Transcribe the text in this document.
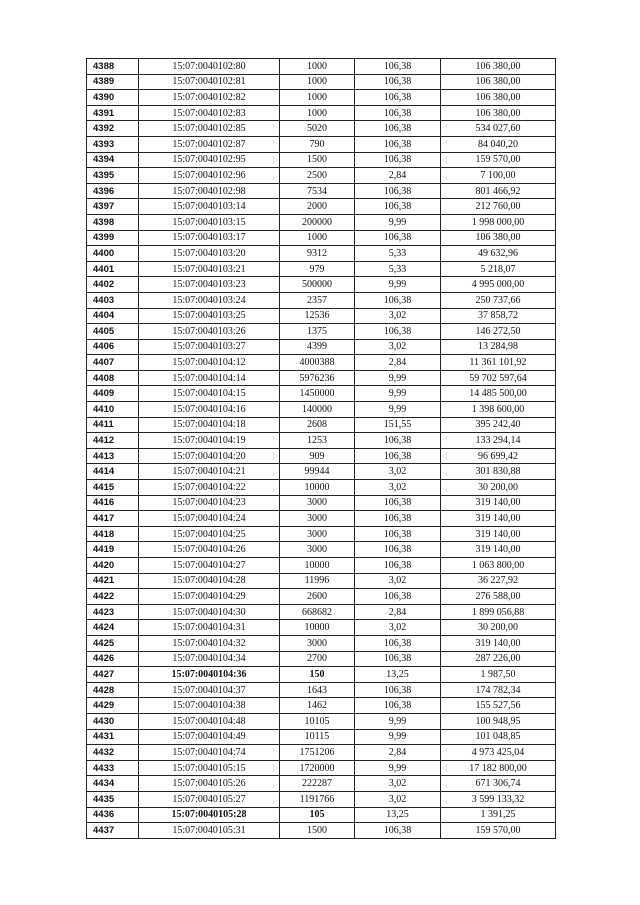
4388	15:07:0040102:80	1000	106,38	106 380,00
4389	15:07:0040102:81	1000	106,38	106 380,00
4390	15:07:0040102:82	1000	106,38	106 380,00
4391	15:07:0040102:83	1000	106,38	106 380,00
4392	15:07:0040102:85	5020	106,38	534 027,60
4393	15:07:0040102:87	790	106,38	84 040,20
4394	15:07:0040102:95	1500	106,38	159 570,00
4395	15:07:0040102:96	2500	2,84	7 100,00
4396	15:07:0040102:98	7534	106,38	801 466,92
4397	15:07:0040103:14	2000	106,38	212 760,00
4398	15:07:0040103:15	200000	9,99	1 998 000,00
4399	15:07:0040103:17	1000	106,38	106 380,00
4400	15:07:0040103:20	9312	5,33	49 632,96
4401	15:07:0040103:21	979	5,33	5 218,07
4402	15:07:0040103:23	500000	9,99	4 995 000,00
4403	15:07:0040103:24	2357	106,38	250 737,66
4404	15:07:0040103:25	12536	3,02	37 858,72
4405	15:07:0040103:26	1375	106,38	146 272,50
4406	15:07:0040103:27	4399	3,02	13 284,98
4407	15:07:0040104:12	4000388	2,84	11 361 101,92
4408	15:07:0040104:14	5976236	9,99	59 702 597,64
4409	15:07:0040104:15	1450000	9,99	14 485 500,00
4410	15:07:0040104:16	140000	9,99	1 398 600,00
4411	15:07:0040104:18	2608	151,55	395 242,40
4412	15:07:0040104:19	1253	106,38	133 294,14
4413	15:07:0040104:20	909	106,38	96 699,42
4414	15:07:0040104:21	99944	3,02	301 830,88
4415	15:07:0040104:22	10000	3,02	30 200,00
4416	15:07:0040104:23	3000	106,38	319 140,00
4417	15:07:0040104:24	3000	106,38	319 140,00
4418	15:07:0040104:25	3000	106,38	319 140,00
4419	15:07:0040104:26	3000	106,38	319 140,00
4420	15:07:0040104:27	10000	106,38	1 063 800,00
4421	15:07:0040104:28	11996	3,02	36 227,92
4422	15:07:0040104:29	2600	106,38	276 588,00
4423	15:07:0040104:30	668682	2,84	1 899 056,88
4424	15:07:0040104:31	10000	3,02	30 200,00
4425	15:07:0040104:32	3000	106,38	319 140,00
4426	15:07:0040104:34	2700	106,38	287 226,00
4427	15:07:0040104:36	150	13,25	1 987,50
4428	15:07:0040104:37	1643	106,38	174 782,34
4429	15:07:0040104:38	1462	106,38	155 527,56
4430	15:07:0040104:48	10105	9,99	100 948,95
4431	15:07:0040104:49	10115	9,99	101 048,85
4432	15:07:0040104:74	1751206	2,84	4 973 425,04
4433	15:07:0040105:15	1720000	9,99	17 182 800,00
4434	15:07:0040105:26	222287	3,02	671 306,74
4435	15:07:0040105:27	1191766	3,02	3 599 133,32
4436	15:07:0040105:28	105	13,25	1 391,25
4437	15:07:0040105:31	1500	106,38	159 570,00
